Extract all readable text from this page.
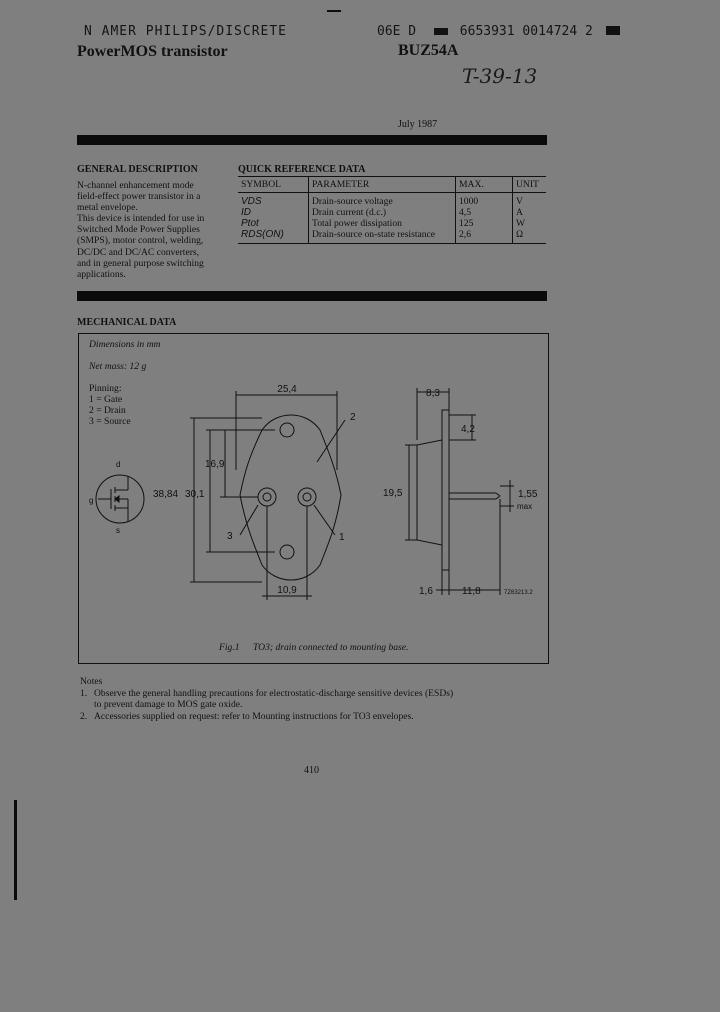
N AMER PHILIPS/DISCRETE	06E D	6653931 0014724 2
PowerMOS transistor	BUZ54A
T-39-13
July 1987
GENERAL DESCRIPTION

N-channel enhancement mode

field-effect power transistor in a

metal envelope.

This device is intended for use in

Switched Mode Power Supplies

(SMPS), motor control, welding,

DC/DC and DC/AC converters,

and in general purpose switching

applications.

QUICK REFERENCE DATA
SYMBOL	PARAMETER	MAX.	UNIT
VDS	Drain-source voltage	1000	V
ID	Drain current (d.c.)	4,5	A
Ptot	Total power dissipation	125	W
RDS(ON)	Drain-source on-state resistance	2,6	Ω
MECHANICAL DATA
Dimensions in mm
Net mass: 12 g
Pinning:
1 = Gate
2 = Drain
3 = Source
25,4	8,3
4,2
16,9
38,84 30,1	19,5	1,55
max
10,9	1,6	11,8
2
3	1
d
g
s
7Z63213.2
Fig.1 TO3; drain connected to mounting base.
Notes
1. Observe the general handling precautions for electrostatic-discharge sensitive devices (ESDs)
to prevent damage to MOS gate oxide.
2. Accessories supplied on request: refer to Mounting instructions for TO3 envelopes.
410
